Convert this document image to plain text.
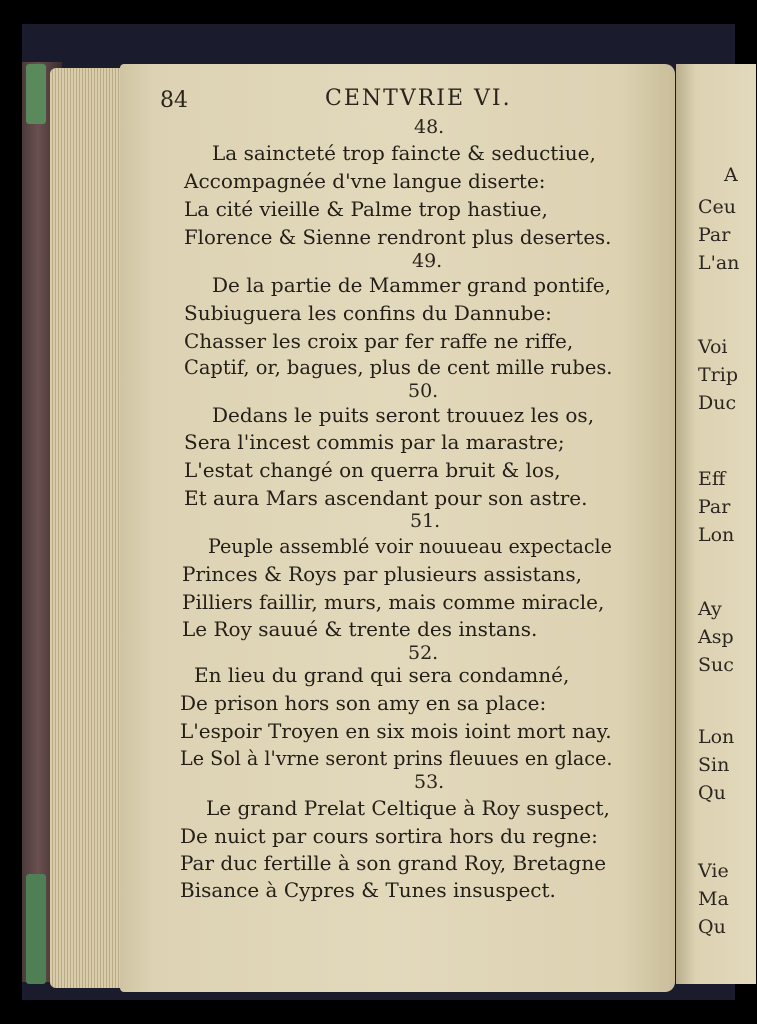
A
Ceu
Par
L'an
Voi
Trip
Duc
Eff
Par
Lon
Ay
Asp
Suc
Lon
Sin
Qu
Vie
Ma
Qu
84	CENTVRIE VI.
48.
La saincteté trop faincte & seductiue,
Accompagnée d'vne langue diserte:
La cité vieille & Palme trop hastiue,
Florence & Sienne rendront plus desertes.
49.
De la partie de Mammer grand pontife,
Subiuguera les confins du Dannube:
Chasser les croix par fer raffe ne riffe,
Captif, or, bagues, plus de cent mille rubes.
50.
Dedans le puits seront trouuez les os,
Sera l'incest commis par la marastre;
L'estat changé on querra bruit & los,
Et aura Mars ascendant pour son astre.
51.
Peuple assemblé voir nouueau expectacle
Princes & Roys par plusieurs assistans,
Pilliers faillir, murs, mais comme miracle,
Le Roy sauué & trente des instans.
52.
En lieu du grand qui sera condamné,
De prison hors son amy en sa place:
L'espoir Troyen en six mois ioint mort nay.
Le Sol à l'vrne seront prins fleuues en glace.
53.
Le grand Prelat Celtique à Roy suspect,
De nuict par cours sortira hors du regne:
Par duc fertille à son grand Roy, Bretagne
Bisance à Cypres & Tunes insuspect.
